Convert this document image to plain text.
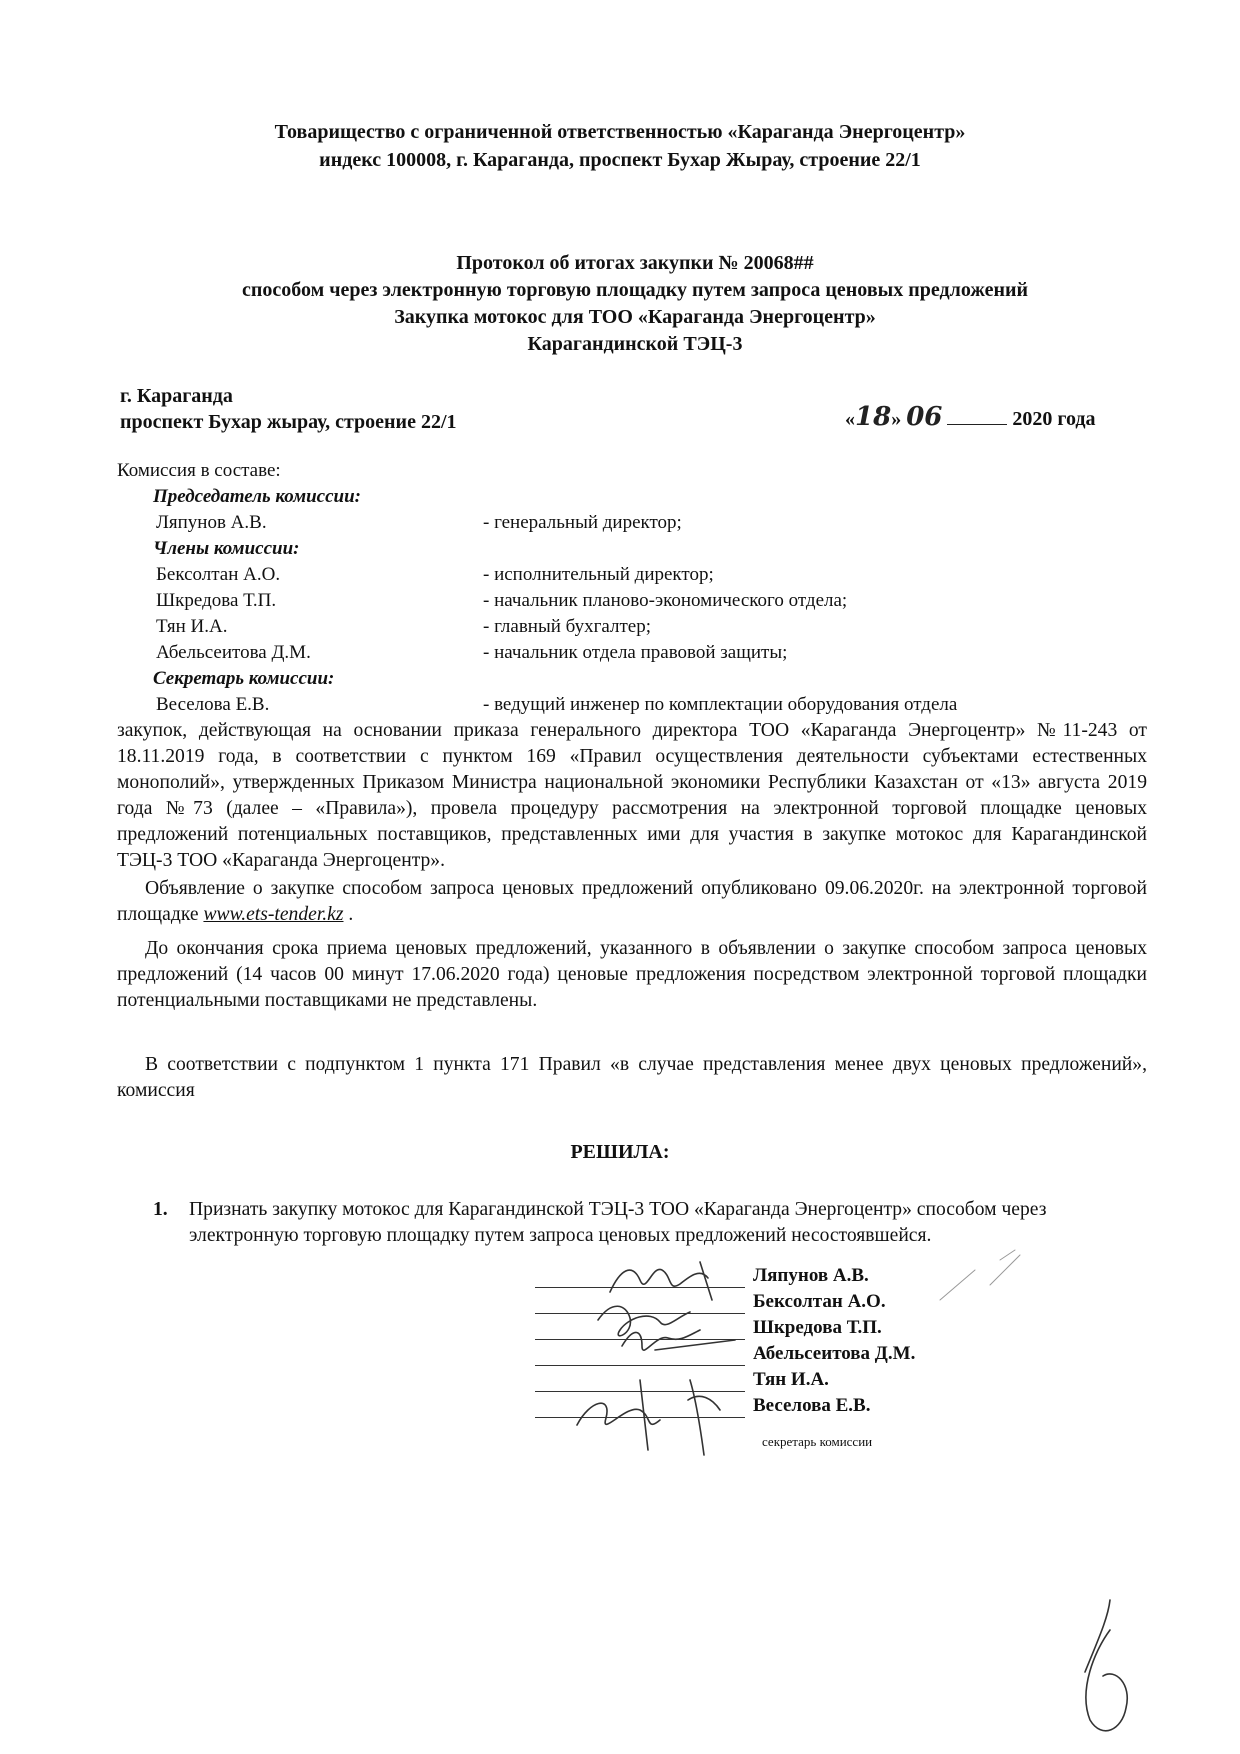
Товарищество с ограниченной ответственностью «Караганда Энергоцентр»
индекс 100008, г. Караганда, проспект Бухар Жырау, строение 22/1
Протокол об итогах закупки № 20068##
способом через электронную торговую площадку путем запроса ценовых предложений
Закупка мотокос для ТОО «Караганда Энергоцентр»
Карагандинской ТЭЦ-3
г. Караганда
проспект Бухар жырау, строение 22/1	«18» 06	2020 года
Комиссия в составе:
Председатель комиссии:
Ляпунов А.В.	- генеральный директор;
Члены комиссии:
Бексолтан А.О.	- исполнительный директор;
Шкредова Т.П.	- начальник планово-экономического отдела;
Тян И.А.	- главный бухгалтер;
Абельсеитова Д.М.	- начальник отдела правовой защиты;
Секретарь комиссии:
Веселова Е.В.	- ведущий инженер по комплектации оборудования отдела

закупок, действующая на основании приказа генерального директора ТОО «Караганда Энергоцентр» №11-243 от 18.11.2019 года, в соответствии с пунктом 169 «Правил осуществления деятельности субъектами естественных монополий», утвержденных Приказом Министра национальной экономики Республики Казахстан от «13» августа 2019 года №73 (далее – «Правила»), провела процедуру рассмотрения на электронной торговой площадке ценовых предложений потенциальных поставщиков, представленных ими для участия в закупке мотокос для Карагандинской ТЭЦ-3 ТОО «Караганда Энергоцентр».

Объявление о закупке способом запроса ценовых предложений опубликовано 09.06.2020г. на электронной торговой площадке www.ets-tender.kz .

До окончания срока приема ценовых предложений, указанного в объявлении о закупке способом запроса ценовых предложений (14 часов 00 минут 17.06.2020 года) ценовые предложения посредством электронной торговой площадки потенциальными поставщиками не представлены.

В соответствии с подпунктом 1 пункта 171 Правил «в случае представления менее двух ценовых предложений», комиссия

РЕШИЛА:
1. Признать закупку мотокос для Карагандинской ТЭЦ-3 ТОО «Караганда Энергоцентр» способом через электронную торговую площадку путем запроса ценовых предложений несостоявшейся.
Ляпунов А.В.
Бексолтан А.О.
Шкредова Т.П.
Абельсеитова Д.М.
Тян И.А.
Веселова Е.В.
секретарь комиссии
